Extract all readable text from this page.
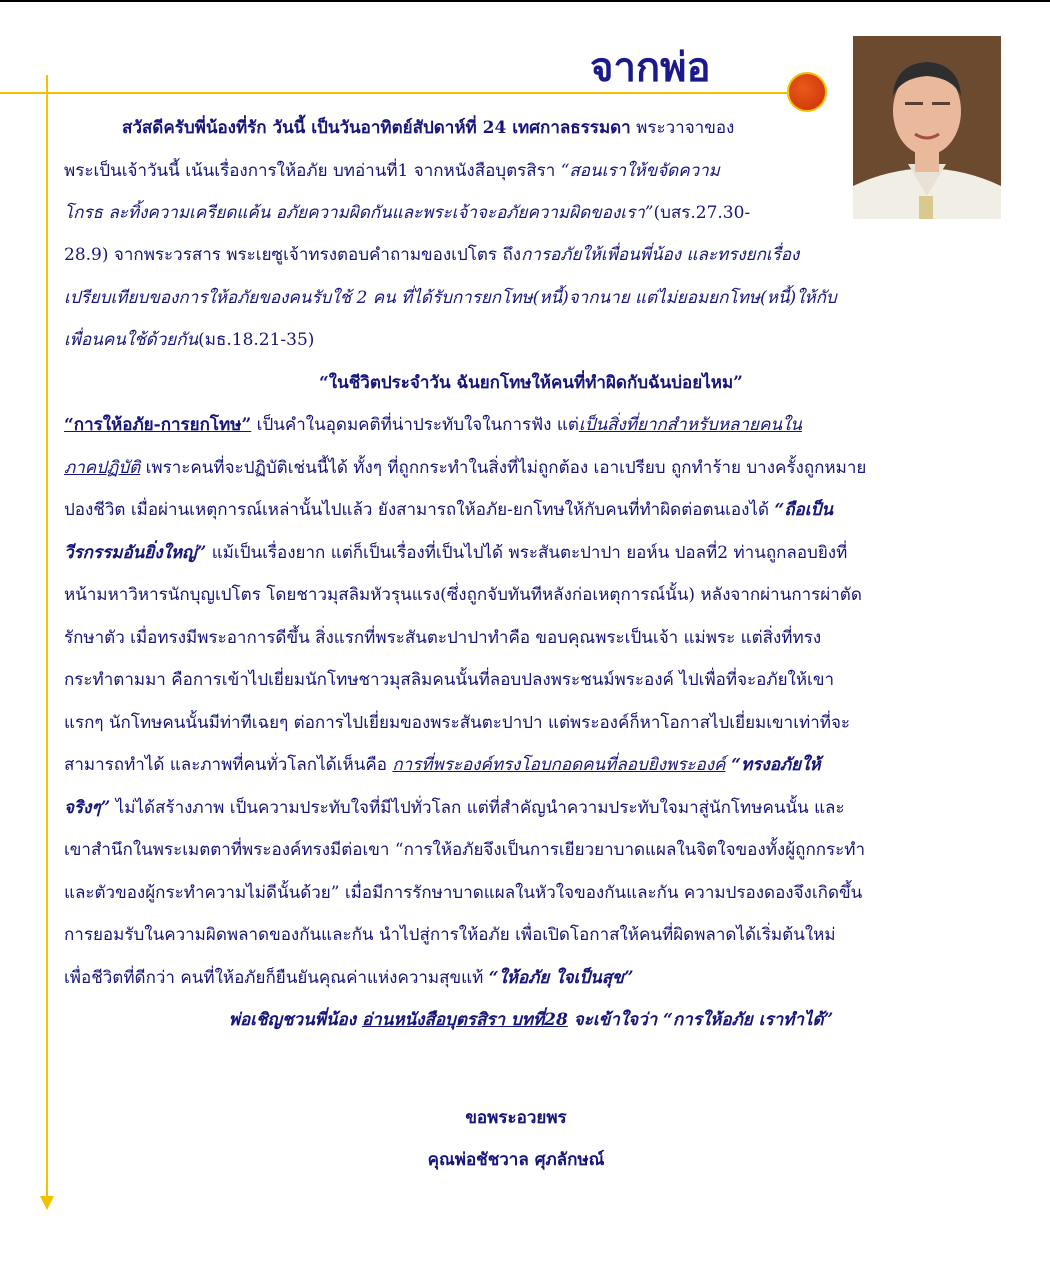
จากพ่อ

สวัสดีครับพี่น้องที่รัก วันนี้ เป็นวันอาทิตย์สัปดาห์ที่ 24 เทศกาลธรรมดา พระวาจาของ

พระเป็นเจ้าวันนี้ เน้นเรื่องการให้อภัย บทอ่านที่1 จากหนังสือบุตรสิรา “สอนเราให้ขจัดความ

โกรธ ละทิ้งความเครียดแค้น อภัยความผิดกันและพระเจ้าจะอภัยความผิดของเรา”(บสร.27.30-

28.9) จากพระวรสาร พระเยซูเจ้าทรงตอบคำถามของเปโตร ถึงการอภัยให้เพื่อนพี่น้อง และทรงยกเรื่อง

เปรียบเทียบของการให้อภัยของคนรับใช้ 2 คน ที่ได้รับการยกโทษ(หนี้)จากนาย แต่ไม่ยอมยกโทษ(หนี้)ให้กับ

เพื่อนคนใช้ด้วยกัน(มธ.18.21-35)

“ในชีวิตประจำวัน ฉันยกโทษให้คนที่ทำผิดกับฉันบ่อยไหม”

“การให้อภัย-การยกโทษ” เป็นคำในอุดมคติที่น่าประทับใจในการฟัง แต่เป็นสิ่งที่ยากสำหรับหลายคนใน

ภาคปฏิบัติ เพราะคนที่จะปฏิบัติเช่นนี้ได้ ทั้งๆ ที่ถูกกระทำในสิ่งที่ไม่ถูกต้อง เอาเปรียบ ถูกทำร้าย บางครั้งถูกหมาย

ปองชีวิต เมื่อผ่านเหตุการณ์เหล่านั้นไปแล้ว ยังสามารถให้อภัย-ยกโทษให้กับคนที่ทำผิดต่อตนเองได้ “ถือเป็น

วีรกรรมอันยิ่งใหญ่” แม้เป็นเรื่องยาก แต่ก็เป็นเรื่องที่เป็นไปได้ พระสันตะปาปา ยอห์น ปอลที่2 ท่านถูกลอบยิงที่

หน้ามหาวิหารนักบุญเปโตร โดยชาวมุสลิมหัวรุนแรง(ซึ่งถูกจับทันทีหลังก่อเหตุการณ์นั้น) หลังจากผ่านการผ่าตัด

รักษาตัว เมื่อทรงมีพระอาการดีขึ้น สิ่งแรกที่พระสันตะปาปาทำคือ ขอบคุณพระเป็นเจ้า แม่พระ แต่สิ่งที่ทรง

กระทำตามมา คือการเข้าไปเยี่ยมนักโทษชาวมุสลิมคนนั้นที่ลอบปลงพระชนม์พระองค์ ไปเพื่อที่จะอภัยให้เขา

แรกๆ นักโทษคนนั้นมีท่าทีเฉยๆ ต่อการไปเยี่ยมของพระสันตะปาปา แต่พระองค์ก็หาโอกาสไปเยี่ยมเขาเท่าที่จะ

สามารถทำได้ และภาพที่คนทั่วโลกได้เห็นคือ การที่พระองค์ทรงโอบกอดคนที่ลอบยิงพระองค์ “ทรงอภัยให้

จริงๆ” ไม่ได้สร้างภาพ เป็นความประทับใจที่มีไปทั่วโลก แต่ที่สำคัญนำความประทับใจมาสู่นักโทษคนนั้น และ

เขาสำนึกในพระเมตตาที่พระองค์ทรงมีต่อเขา “การให้อภัยจึงเป็นการเยียวยาบาดแผลในจิตใจของทั้งผู้ถูกกระทำ

และตัวของผู้กระทำความไม่ดีนั้นด้วย” เมื่อมีการรักษาบาดแผลในหัวใจของกันและกัน ความปรองดองจึงเกิดขึ้น

การยอมรับในความผิดพลาดของกันและกัน นำไปสู่การให้อภัย เพื่อเปิดโอกาสให้คนที่ผิดพลาดได้เริ่มต้นใหม่

เพื่อชีวิตที่ดีกว่า คนที่ให้อภัยก็ยืนยันคุณค่าแห่งความสุขแท้ “ให้อภัย ใจเป็นสุข”

พ่อเชิญชวนพี่น้อง อ่านหนังสือบุตรสิรา บทที่28 จะเข้าใจว่า “การให้อภัย เราทำได้”

ขอพระอวยพร
คุณพ่อชัชวาล ศุภลักษณ์
